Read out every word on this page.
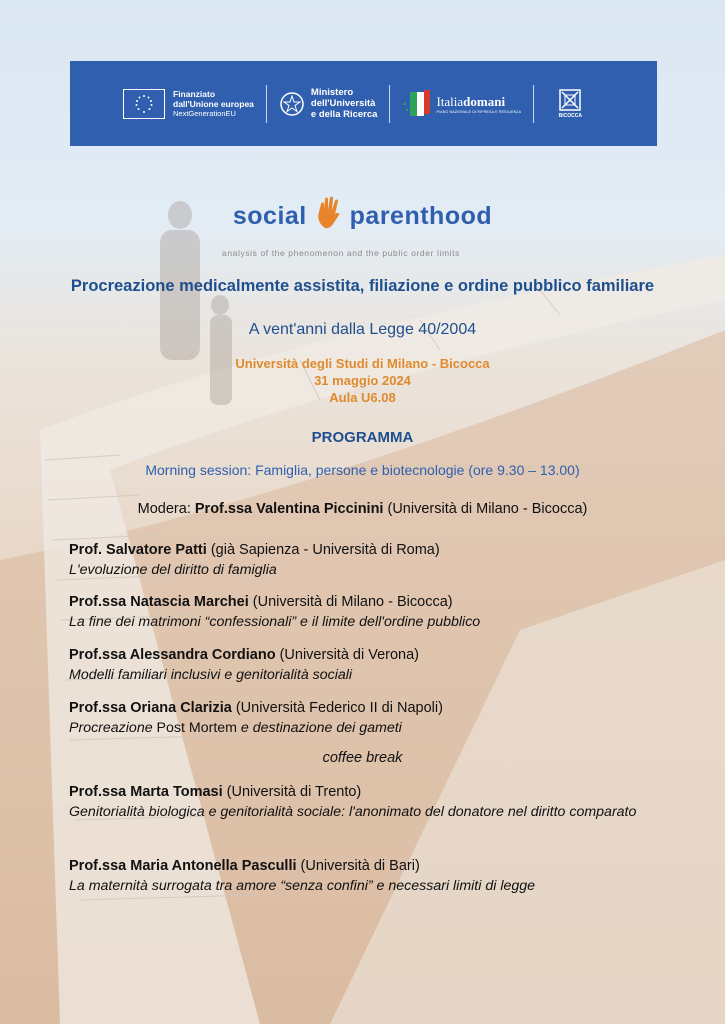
Finanziato
dall'Unione europea
NextGenerationEU
Ministero
dell'Università
e della Ricerca
Italiadomani
PIANO NAZIONALE DI RIPRESA E RESILIENZA
BICOCCA
social parenthood
analysis of the phenomenon and the public order limits
Procreazione medicalmente assistita, filiazione e ordine pubblico familiare
A vent'anni dalla Legge 40/2004
Università degli Studi di Milano - Bicocca
31 maggio 2024
Aula U6.08
PROGRAMMA
Morning session: Famiglia, persone e biotecnologie (ore 9.30 – 13.00)
Modera: Prof.ssa Valentina Piccinini (Università di Milano - Bicocca)
Prof. Salvatore Patti (già Sapienza - Università di Roma)
L'evoluzione del diritto di famiglia
Prof.ssa Natascia Marchei (Università di Milano - Bicocca)
La fine dei matrimoni “confessionali” e il limite dell'ordine pubblico
Prof.ssa Alessandra Cordiano (Università di Verona)
Modelli familiari inclusivi e genitorialità sociali
Prof.ssa Oriana Clarizia (Università Federico II di Napoli)
Procreazione Post Mortem e destinazione dei gameti
coffee break
Prof.ssa Marta Tomasi (Università di Trento)
Genitorialità biologica e genitorialità sociale: l'anonimato del donatore nel diritto comparato
Prof.ssa Maria Antonella Pasculli (Università di Bari)
La maternità surrogata tra amore “senza confini” e necessari limiti di legge
